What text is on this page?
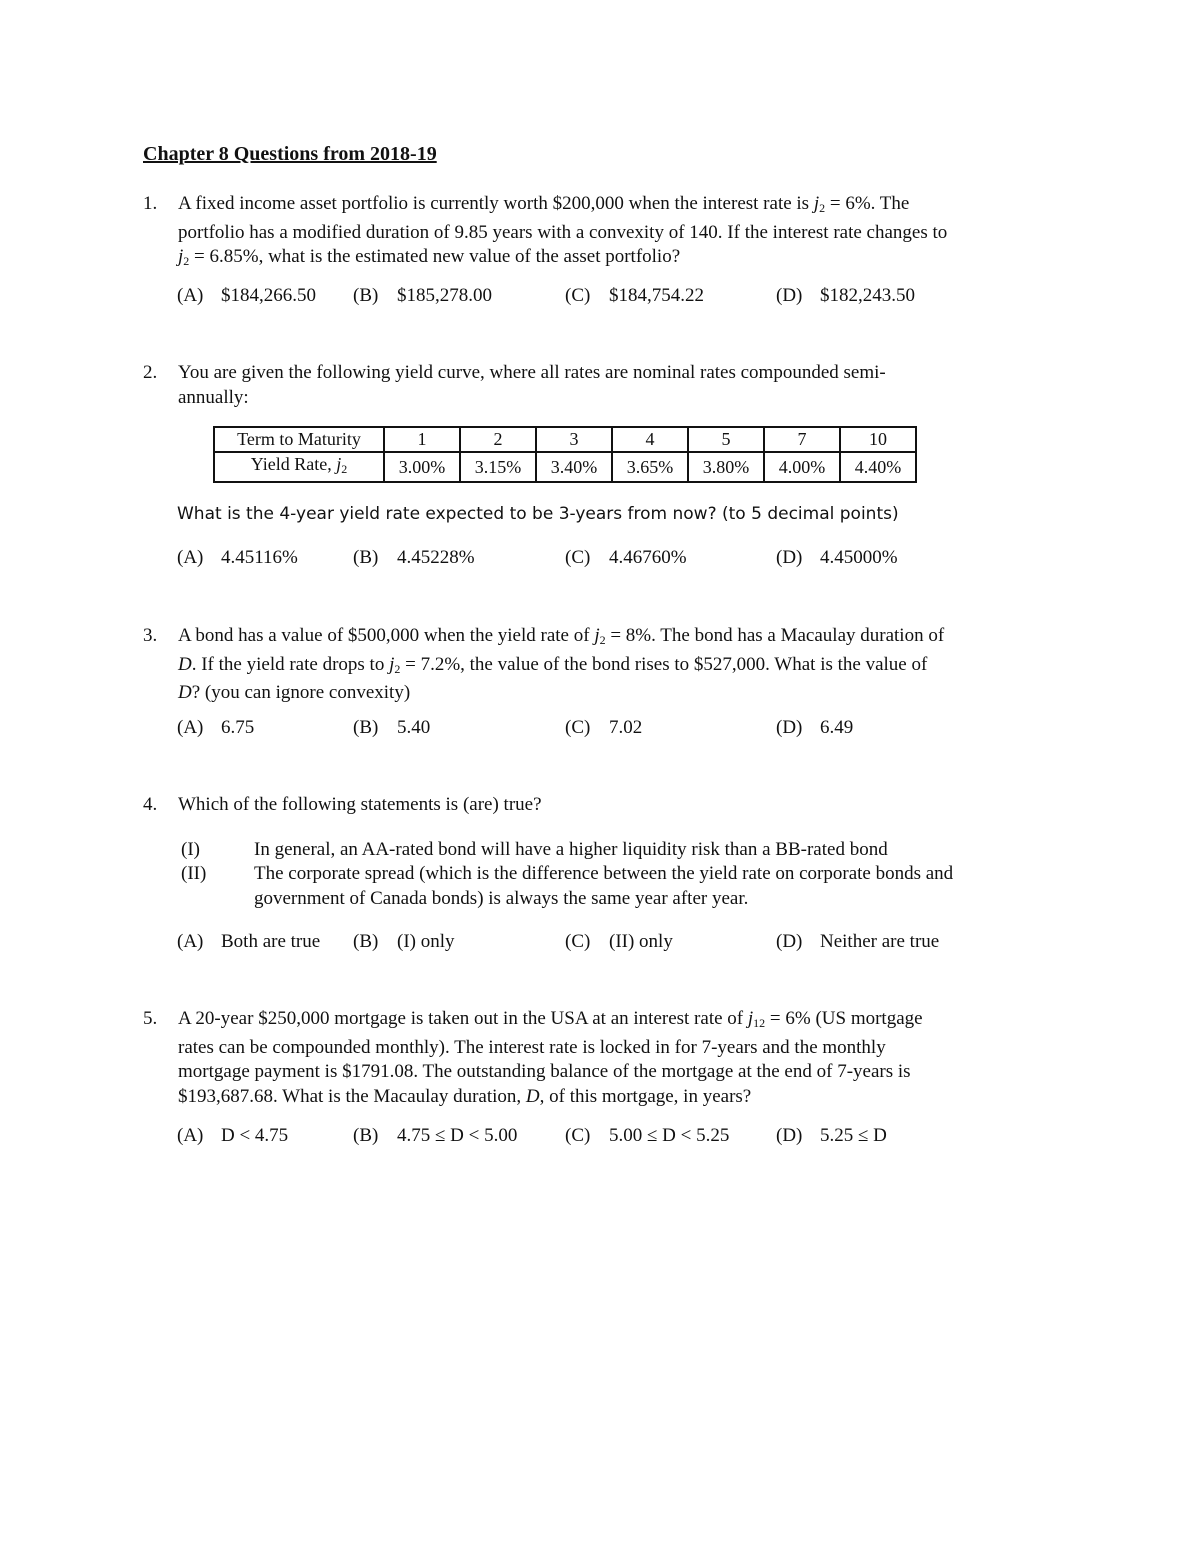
Chapter 8 Questions from 2018-19
1. A fixed income asset portfolio is currently worth $200,000 when the interest rate is $j_2 = 6\%$. The

portfolio has a modified duration of 9.85 years with a convexity of 140. If the interest rate changes to

$j_2 = 6.85\%$, what is the estimated new value of the asset portfolio?

(A) $184,266.50 (B) $185,278.00	(C) $184,754.22	(D) $182,243.50
2. You are given the following yield curve, where all rates are nominal rates compounded semi-

annually:

Term to Maturity	1	2	3	4	5	7	10
Yield Rate, $j_2$	3.00%	3.15%	3.40%	3.65%	3.80%	4.00%	4.40%
What is the 4-year yield rate expected to be 3-years from now? (to 5 decimal points)
(A) 4.45116%	(B) 4.45228%	(C) 4.46760%	(D) 4.45000%
3. A bond has a value of $500,000 when the yield rate of $j_2 = 8\%$. The bond has a Macaulay duration of

D. If the yield rate drops to $j_2 = 7.2\%$, the value of the bond rises to $527,000. What is the value of

D? (you can ignore convexity)

(A) 6.75	(B) 5.40	(C) 7.02	(D) 6.49
4. Which of the following statements is (are) true?

(I)	In general, an AA-rated bond will have a higher liquidity risk than a BB-rated bond
(II)	The corporate spread (which is the difference between the yield rate on corporate bonds and
government of Canada bonds) is always the same year after year.
(A) Both are true (B) (I) only	(C) (II) only	(D) Neither are true
5. A 20-year $250,000 mortgage is taken out in the USA at an interest rate of $j_{12} = 6\%$ (US mortgage

rates can be compounded monthly). The interest rate is locked in for 7-years and the monthly

mortgage payment is $1791.08. The outstanding balance of the mortgage at the end of 7-years is

$193,687.68. What is the Macaulay duration, D, of this mortgage, in years?

(A) D < 4.75	(B) 4.75 ≤ D < 5.00	(C) 5.00 ≤ D < 5.25 (D) 5.25 ≤ D
